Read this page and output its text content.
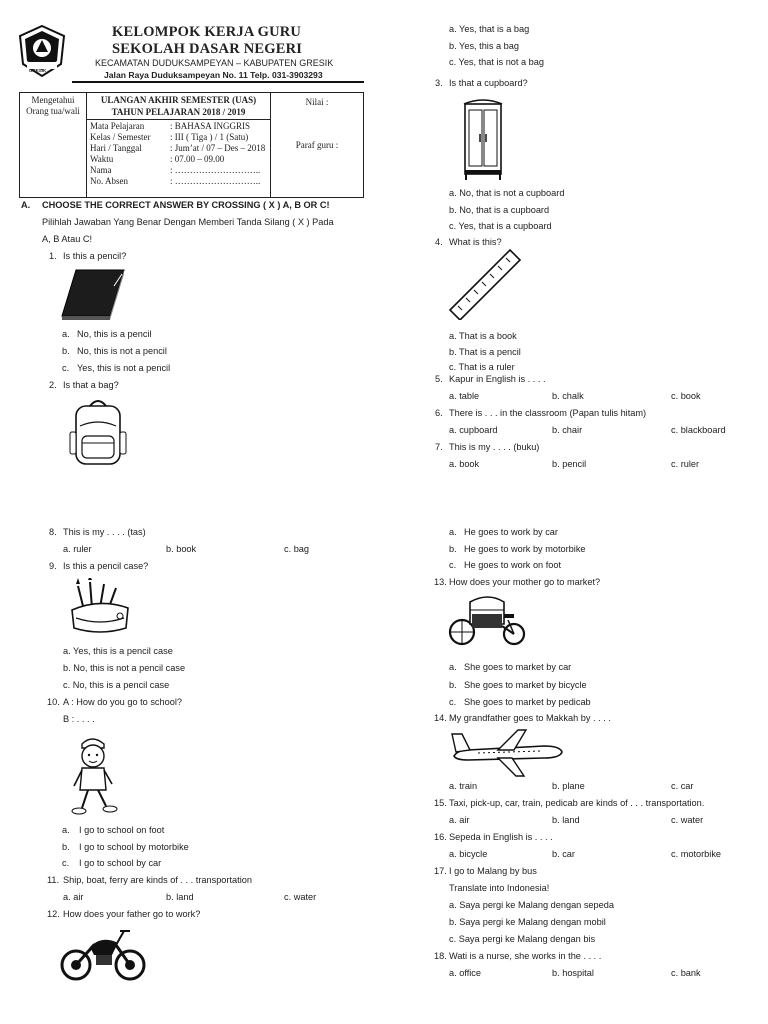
GRESIK
KELOMPOK KERJA GURU
SEKOLAH DASAR NEGERI
KECAMATAN DUDUKSAMPEYAN – KABUPATEN GRESIK
Jalan Raya Duduksampeyan No. 11 Telp. 031-3903293
Mengetahui
Orang tua/wali

ULANGAN AKHIR SEMESTER (UAS)
TAHUN PELAJARAN 2018 / 2019
Mata Pelajaran	: BAHASA INGGRIS
Kelas / Semester	: III ( Tiga ) / 1 (Satu)
Hari / Tanggal	: Jum’at / 07 – Des – 2018
Waktu	: 07.00 – 09.00
Nama	: ………………………..
No. Absen	: ………………………..

Nilai :
Paraf guru :
A. CHOOSE THE CORRECT ANSWER BY CROSSING ( X ) A, B OR C!
Pilihlah Jawaban Yang Benar Dengan Memberi Tanda Silang ( X ) Pada
A, B Atau C!
1. Is this a pencil?
a. No, this is a pencil
b. No, this is not a pencil
c. Yes, this is not a pencil
2. Is that a bag?
8. This is my . . . . (tas)
a. ruler	b. book	c. bag
9. Is this a pencil case?
a. Yes, this is a pencil case
b. No, this is not a pencil case
c. No, this is a pencil case
10. A : How do you go to school?
B : . . . .
a. I go to school on foot
b. I go to school by motorbike
c. I go to school by car
11. Ship, boat, ferry are kinds of . . . transportation
a. air	b. land	c. water
12. How does your father go to work?
a. Yes, that is a bag
b. Yes, this a bag
c. Yes, that is not a bag
3. Is that a cupboard?
a. No, that is not a cupboard
b. No, that is a cupboard
c. Yes, that is a cupboard
4. What is this?
a. That is a book
b. That is a pencil
c. That is a ruler
5. Kapur in English is . . . .
a. table	b. chalk	c. book
6. There is . . . in the classroom (Papan tulis hitam)
a. cupboard	b. chair	c. blackboard
7. This is my . . . . (buku)
a. book	b. pencil	c. ruler
a. He goes to work by car
b. He goes to work by motorbike
c. He goes to work on foot
13. How does your mother go to market?
a. She goes to market by car
b. She goes to market by bicycle
c. She goes to market by pedicab
14. My grandfather goes to Makkah by . . . .
a. train	b. plane	c. car
15. Taxi, pick-up, car, train, pedicab are kinds of . . . transportation.
a. air	b. land	c. water
16. Sepeda in English is . . . .
a. bicycle	b. car	c. motorbike
17. I go to Malang by bus
Translate into Indonesia!
a. Saya pergi ke Malang dengan sepeda
b. Saya pergi ke Malang dengan mobil
c. Saya pergi ke Malang dengan bis
18. Wati is a nurse, she works in the . . . .
a. office	b. hospital	c. bank
